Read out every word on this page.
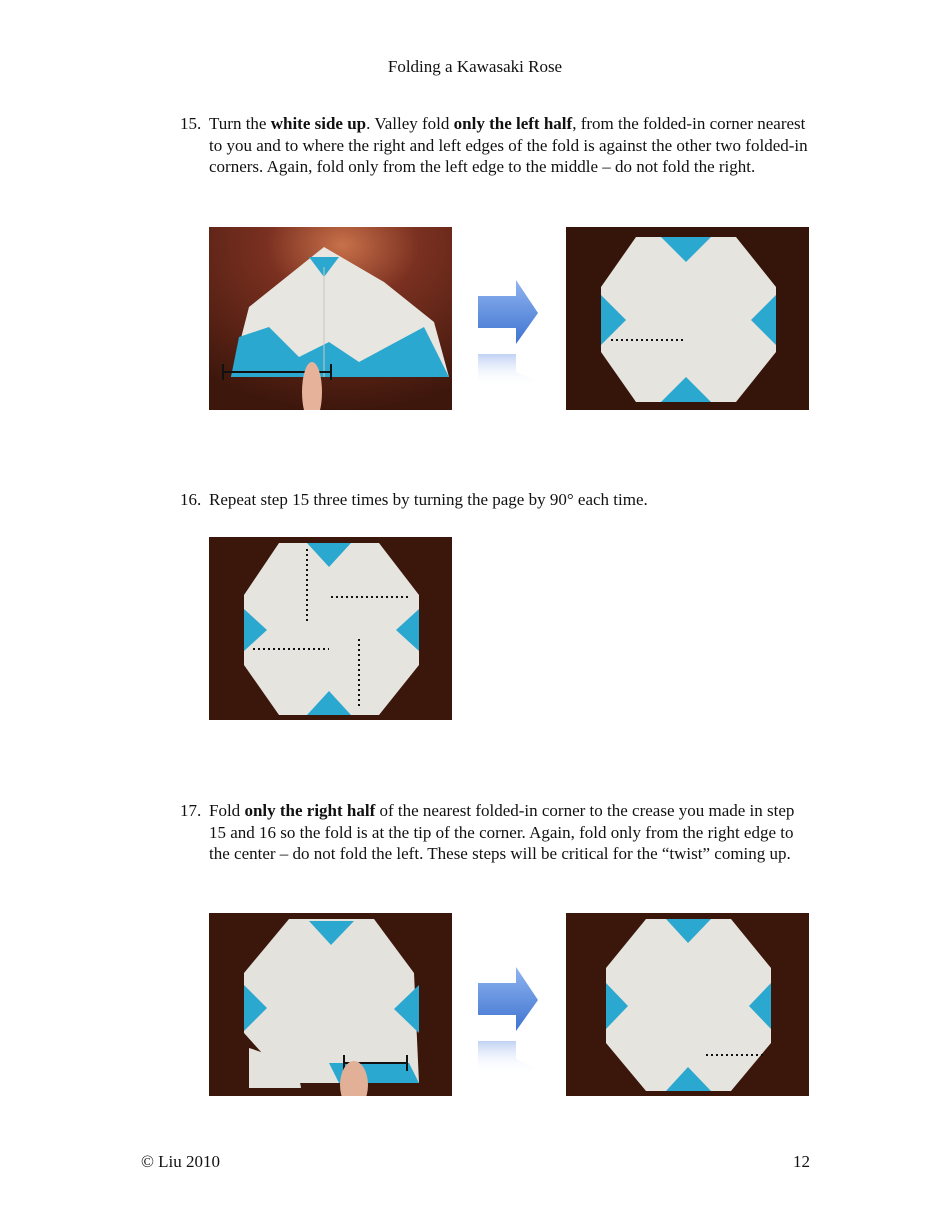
Folding a Kawasaki Rose
15. Turn the white side up. Valley fold only the left half, from the folded-in corner nearest to you and to where the right and left edges of the fold is against the other two folded-in corners. Again, fold only from the left edge to the middle – do not fold the right.
16. Repeat step 15 three times by turning the page by 90° each time.
17. Fold only the right half of the nearest folded-in corner to the crease you made in step 15 and 16 so the fold is at the tip of the corner. Again, fold only from the right edge to the center – do not fold the left. These steps will be critical for the “twist” coming up.
© Liu 2010	12
